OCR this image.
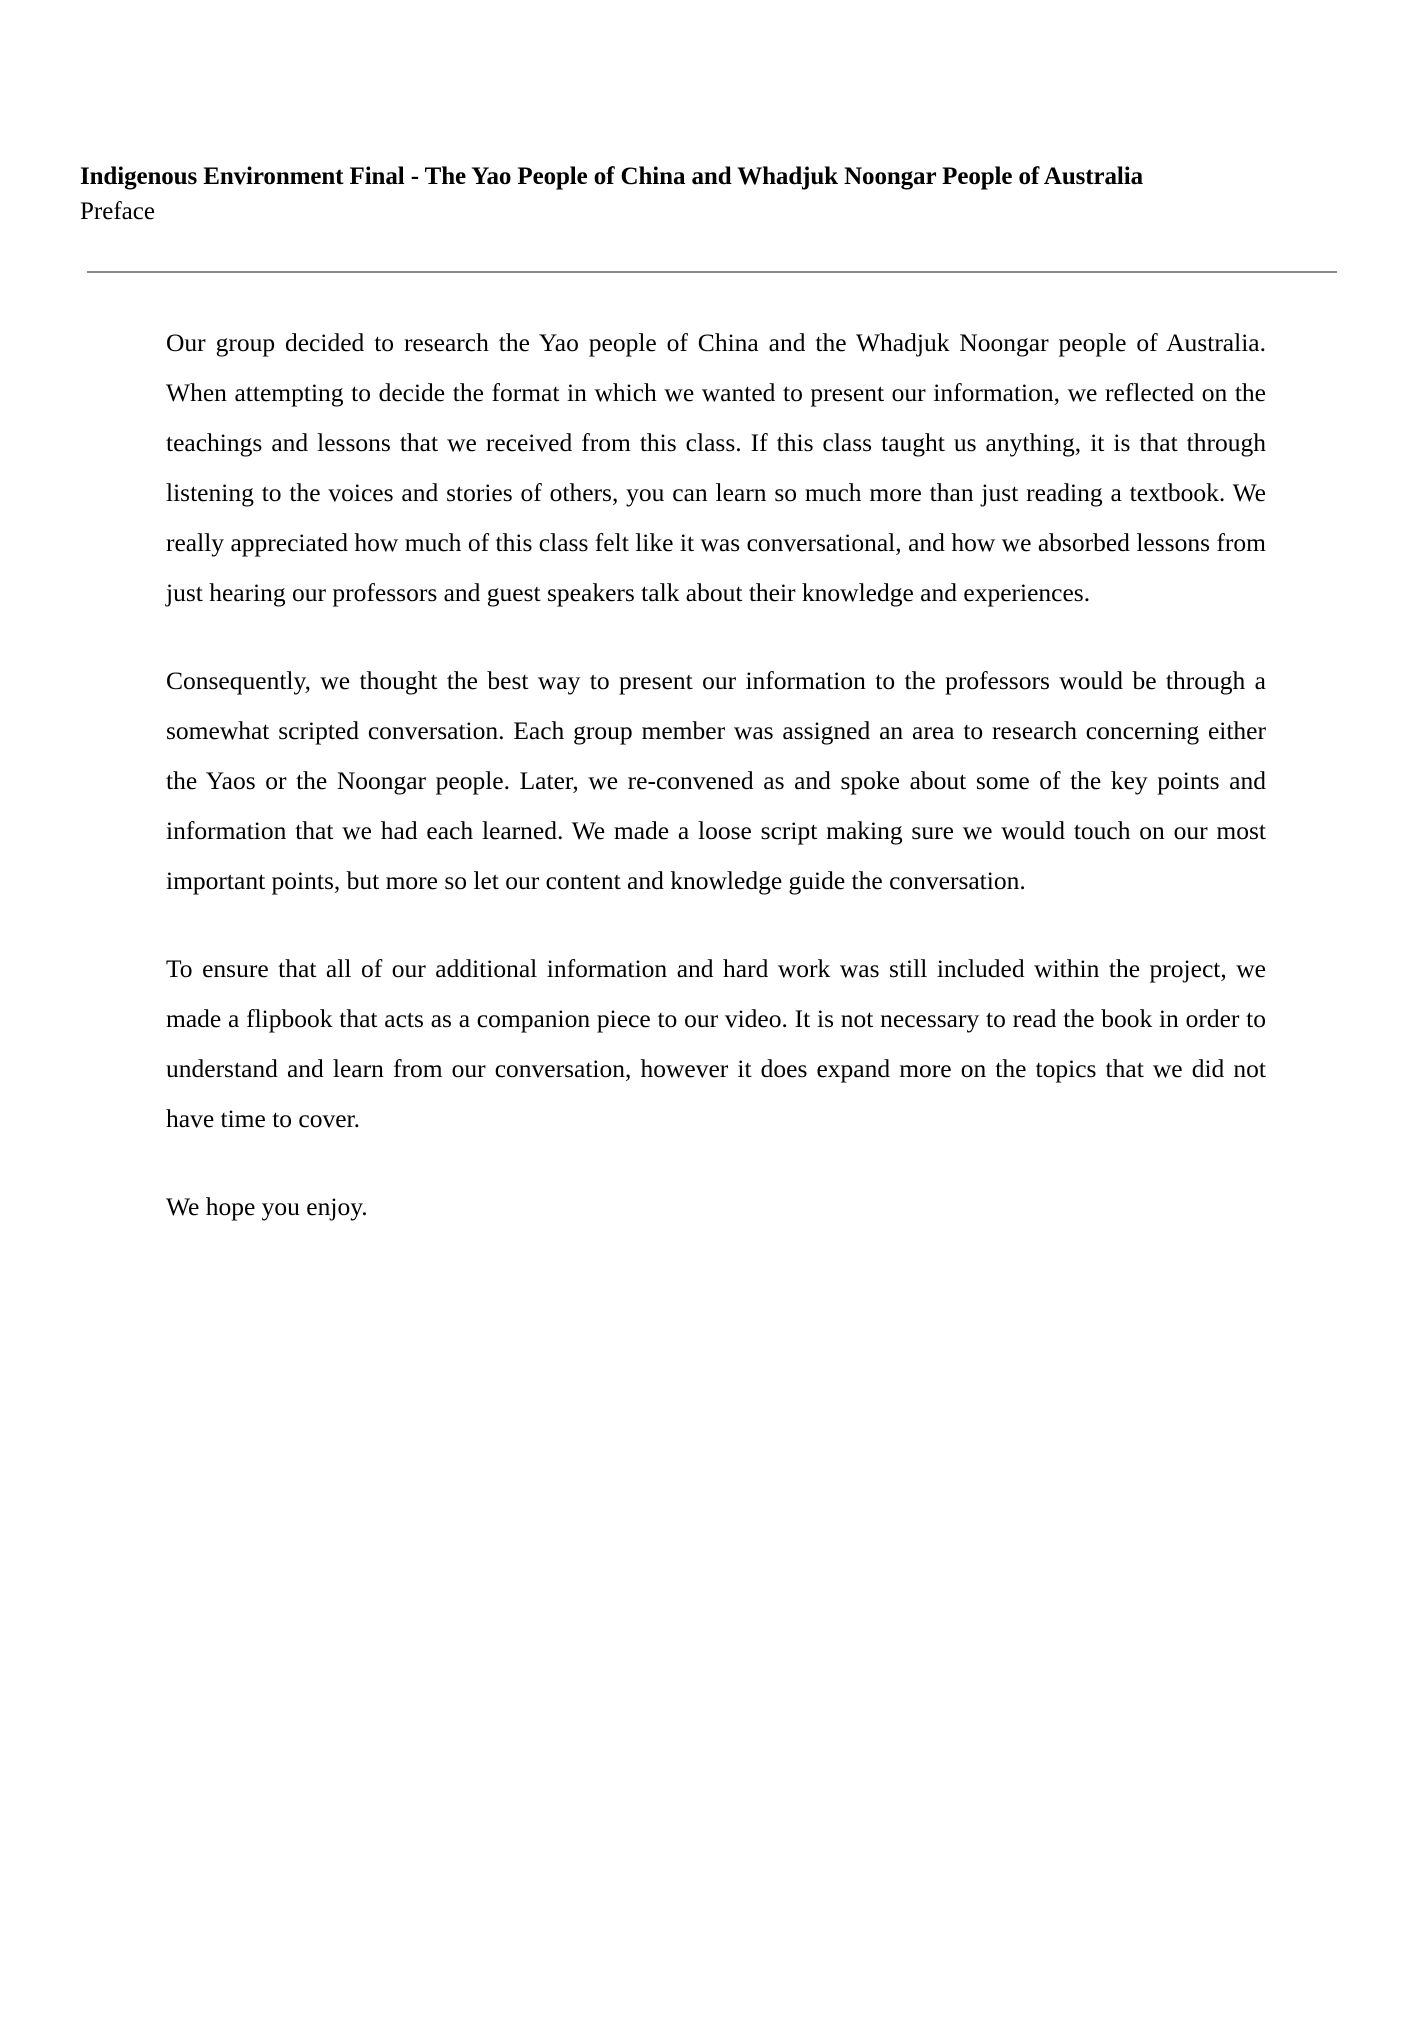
Indigenous Environment Final - The Yao People of China and Whadjuk Noongar People of Australia
Preface

Our group decided to research the Yao people of China and the Whadjuk Noongar people of Australia. When attempting to decide the format in which we wanted to present our information, we reflected on the teachings and lessons that we received from this class. If this class taught us anything, it is that through listening to the voices and stories of others, you can learn so much more than just reading a textbook. We really appreciated how much of this class felt like it was conversational, and how we absorbed lessons from just hearing our professors and guest speakers talk about their knowledge and experiences.

Consequently, we thought the best way to present our information to the professors would be through a somewhat scripted conversation. Each group member was assigned an area to research concerning either the Yaos or the Noongar people. Later, we re-convened as and spoke about some of the key points and information that we had each learned. We made a loose script making sure we would touch on our most important points, but more so let our content and knowledge guide the conversation.

To ensure that all of our additional information and hard work was still included within the project, we made a flipbook that acts as a companion piece to our video. It is not necessary to read the book in order to understand and learn from our conversation, however it does expand more on the topics that we did not have time to cover.

We hope you enjoy.
